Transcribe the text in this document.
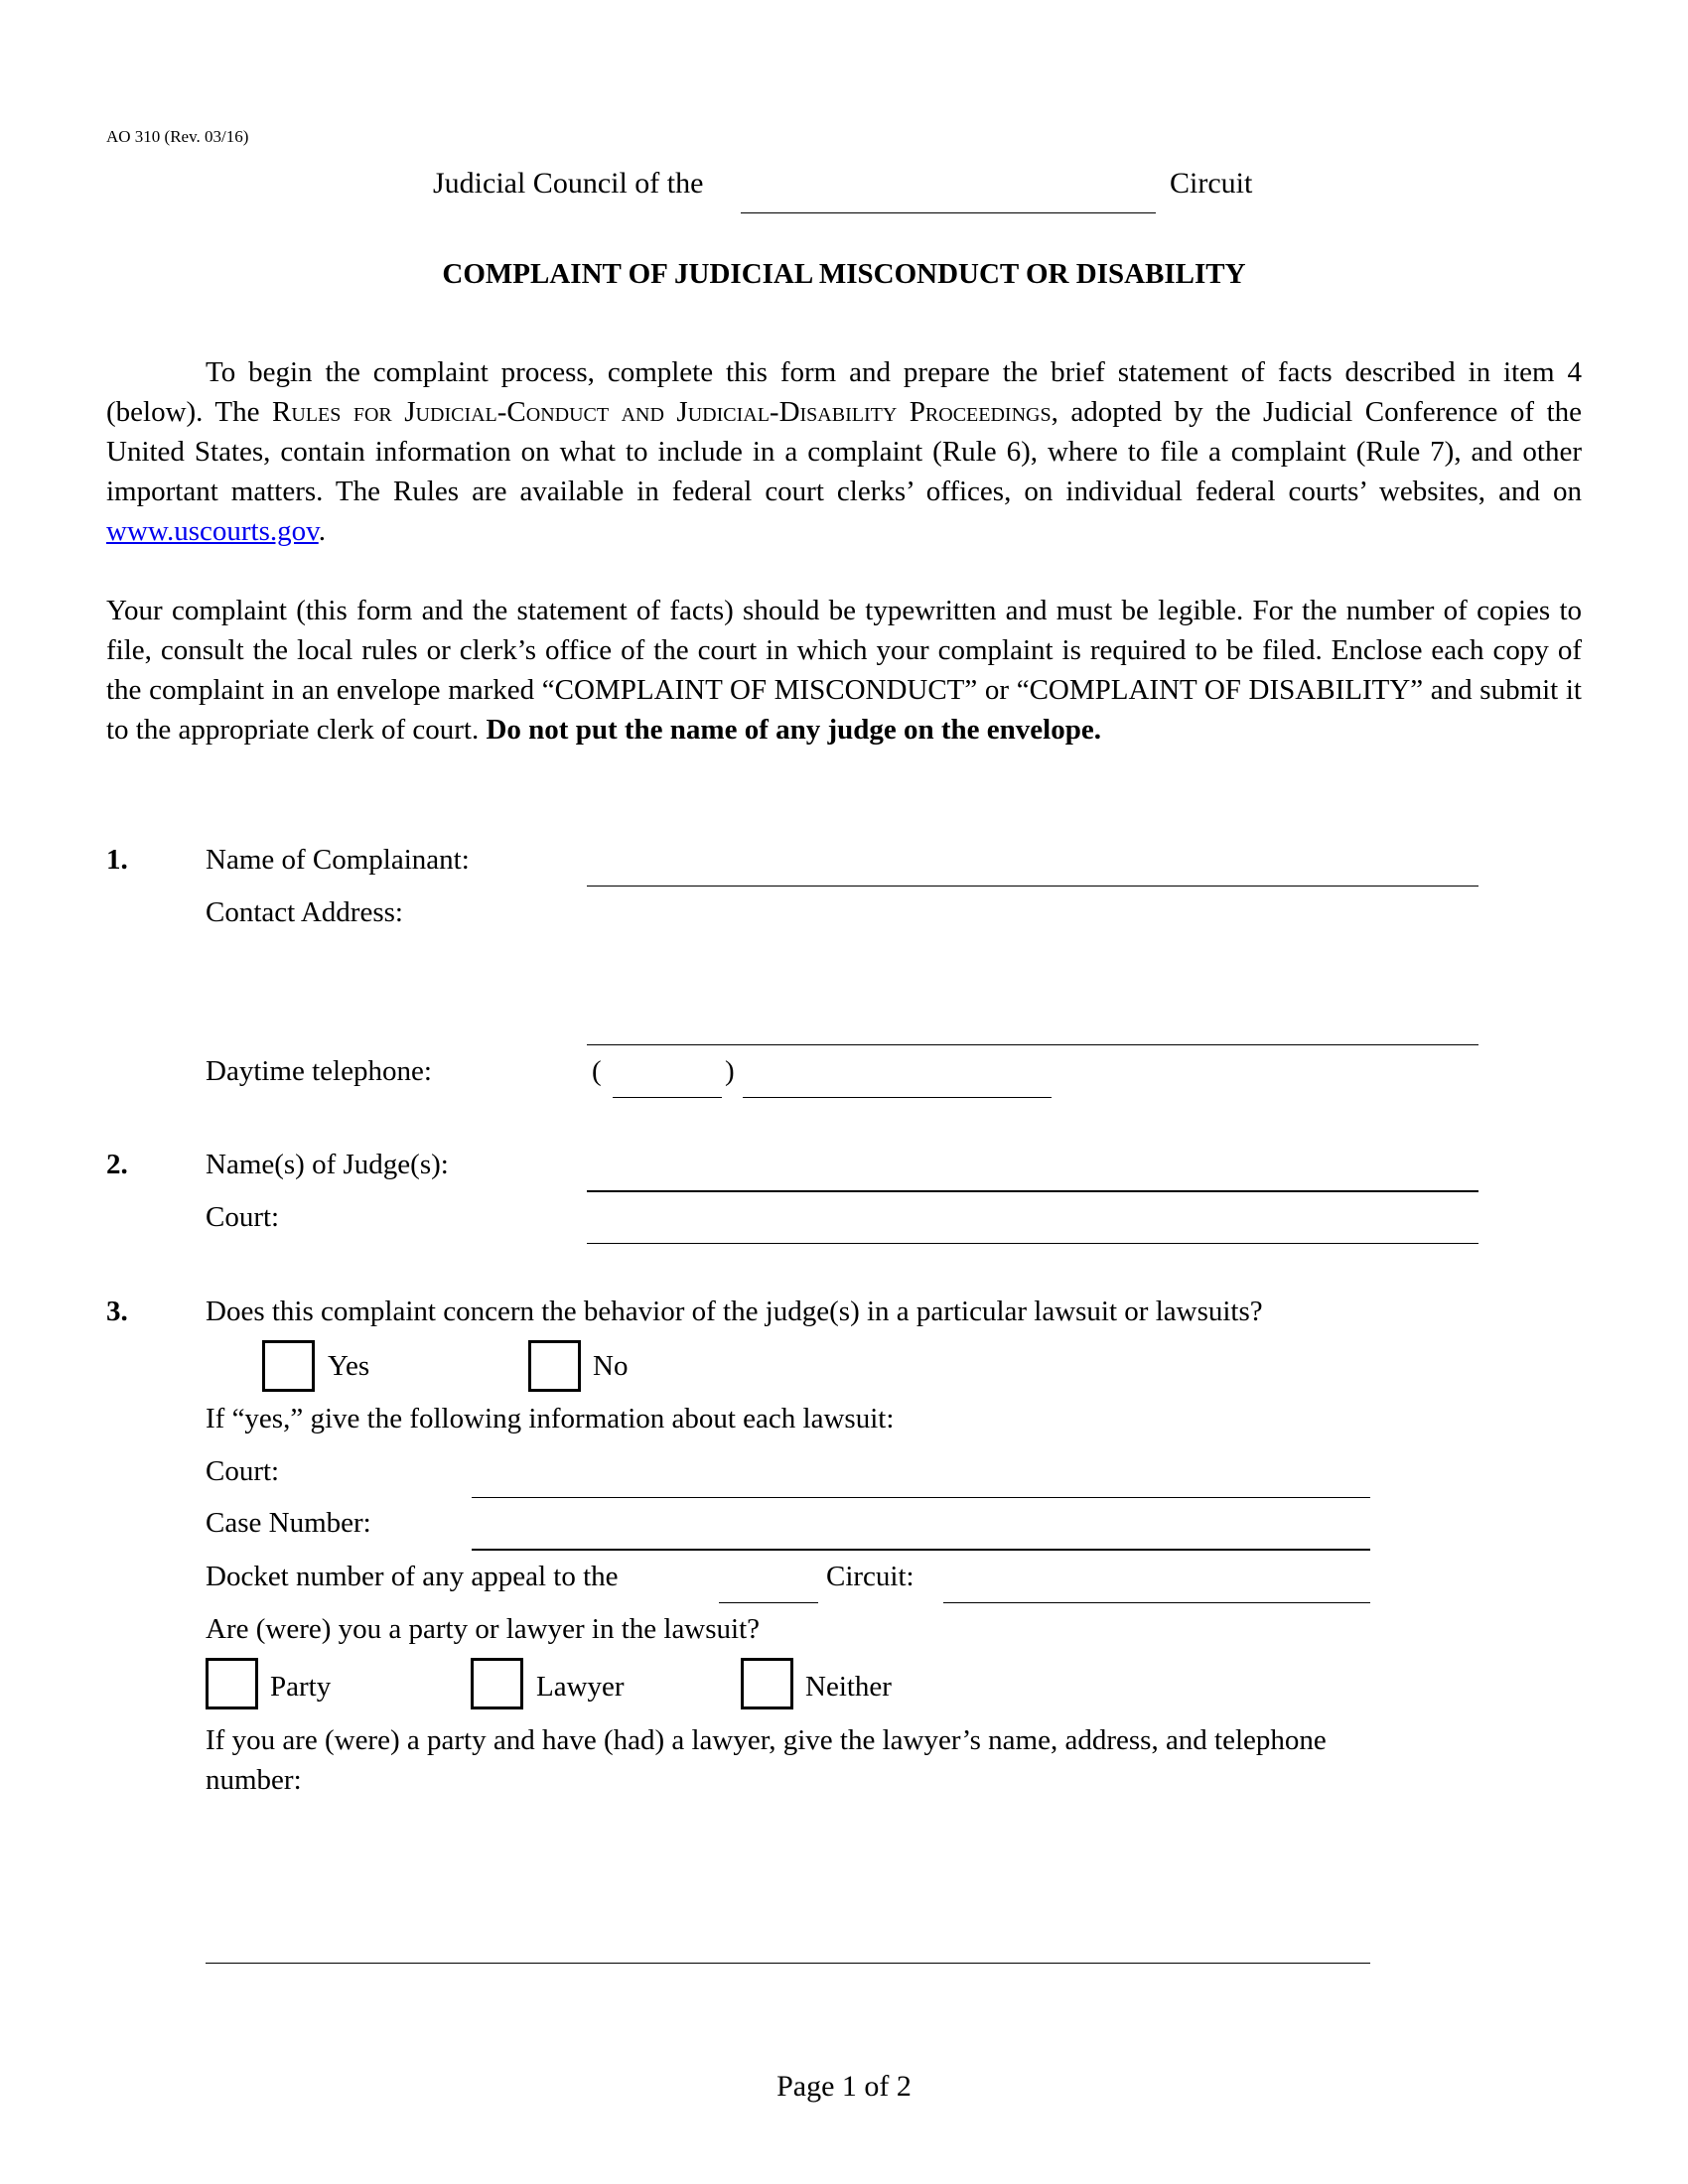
AO 310 (Rev. 03/16)
Judicial Council of the	Circuit
COMPLAINT OF JUDICIAL MISCONDUCT OR DISABILITY
To begin the complaint process, complete this form and prepare the brief statement of facts described in item 4 (below). The Rules for Judicial-Conduct and Judicial-Disability Proceedings, adopted by the Judicial Conference of the United States, contain information on what to include in a complaint (Rule 6), where to file a complaint (Rule 7), and other important matters. The Rules are available in federal court clerks’ offices, on individual federal courts’ websites, and on www.uscourts.gov.
Your complaint (this form and the statement of facts) should be typewritten and must be legible. For the number of copies to file, consult the local rules or clerk’s office of the court in which your complaint is required to be filed. Enclose each copy of the complaint in an envelope marked “COMPLAINT OF MISCONDUCT” or “COMPLAINT OF DISABILITY” and submit it to the appropriate clerk of court. Do not put the name of any judge on the envelope.
1.	Name of Complainant:
Contact Address:
Daytime telephone:	(	)
2.	Name(s) of Judge(s):
Court:
3.	Does this complaint concern the behavior of the judge(s) in a particular lawsuit or lawsuits?
Yes	No
If “yes,” give the following information about each lawsuit:
Court:
Case Number:
Docket number of any appeal to the	Circuit:
Are (were) you a party or lawyer in the lawsuit?
Party	Lawyer	Neither
If you are (were) a party and have (had) a lawyer, give the lawyer’s name, address, and telephone
number:
Page 1 of 2
